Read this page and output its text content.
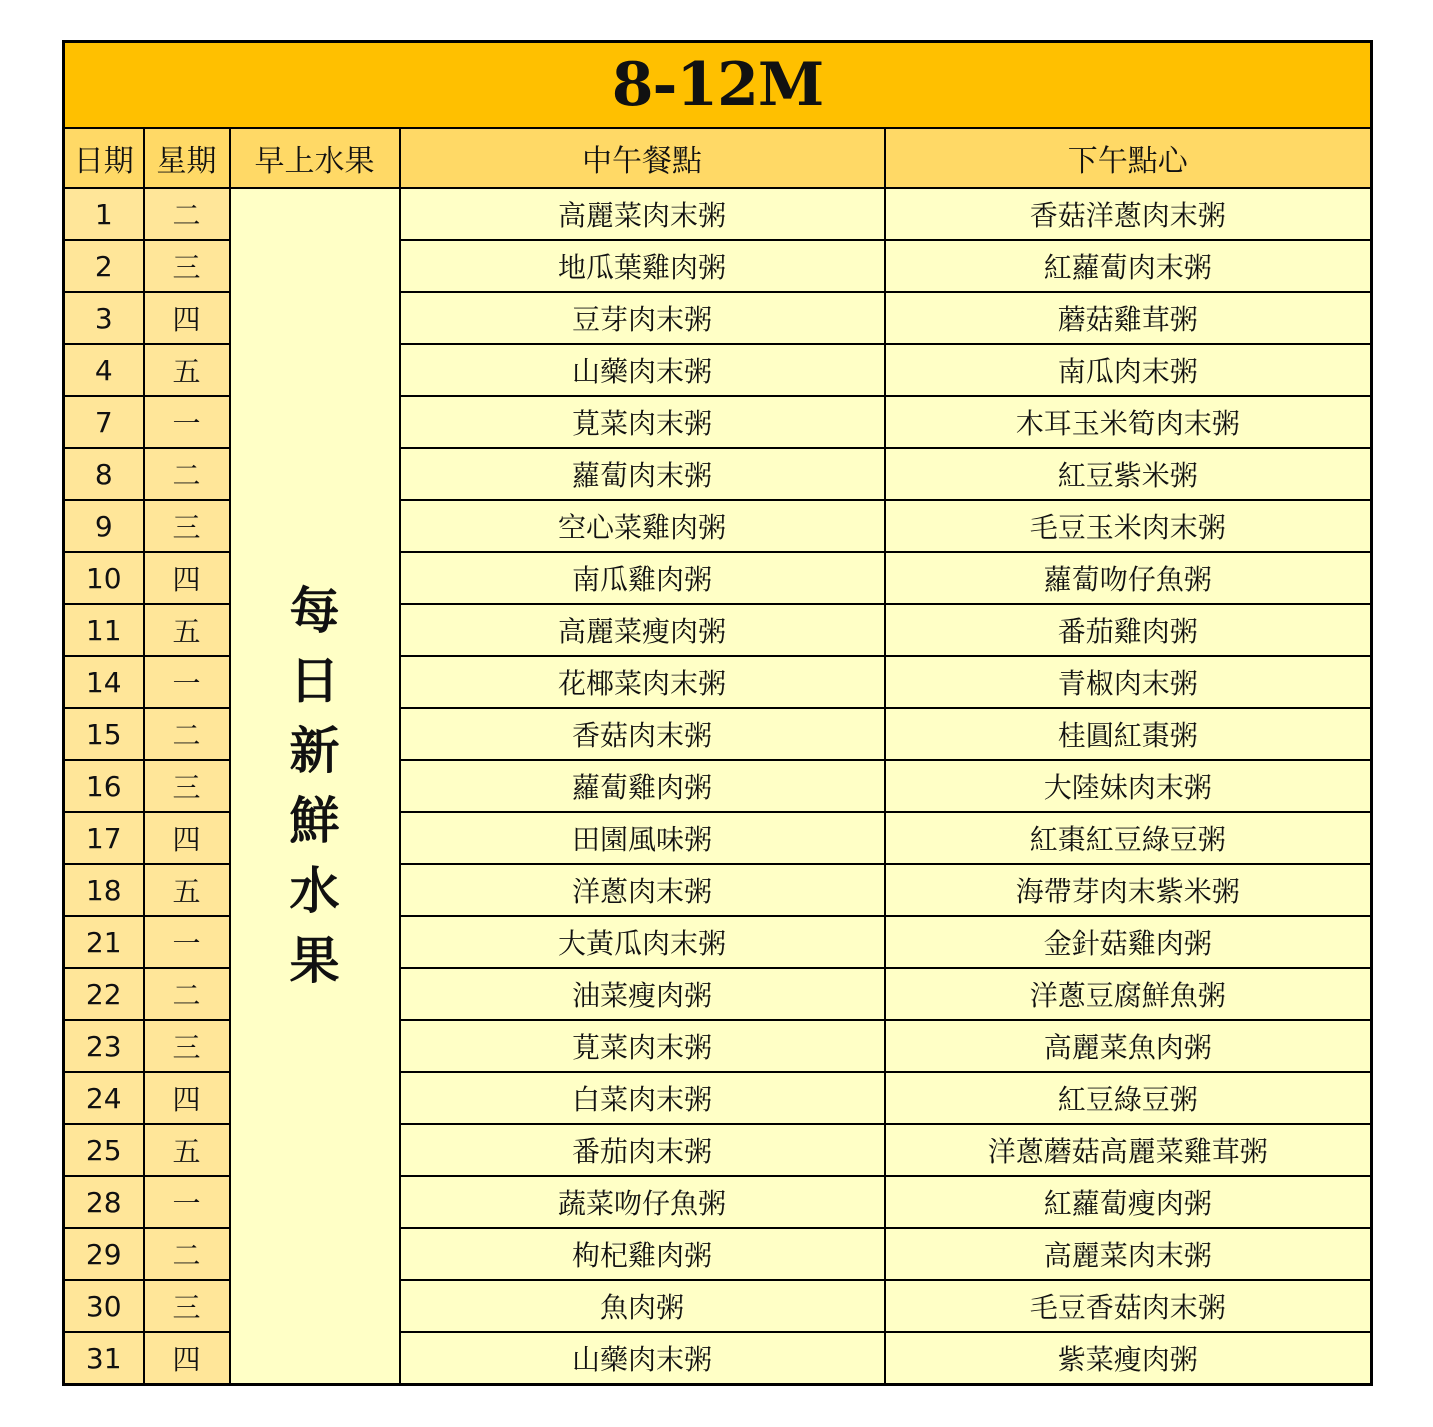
8-12M				
日期	星期	早上水果	中午餐點	下午點心
1	二	每日新鮮水果	高麗菜肉末粥	香菇洋蔥肉末粥
2	三		地瓜葉雞肉粥	紅蘿蔔肉末粥
3	四		豆芽肉末粥	蘑菇雞茸粥
4	五		山藥肉末粥	南瓜肉末粥
7	一		莧菜肉末粥	木耳玉米筍肉末粥
8	二		蘿蔔肉末粥	紅豆紫米粥
9	三		空心菜雞肉粥	毛豆玉米肉末粥
10	四		南瓜雞肉粥	蘿蔔吻仔魚粥
11	五		高麗菜瘦肉粥	番茄雞肉粥
14	一		花椰菜肉末粥	青椒肉末粥
15	二		香菇肉末粥	桂圓紅棗粥
16	三		蘿蔔雞肉粥	大陸妹肉末粥
17	四		田園風味粥	紅棗紅豆綠豆粥
18	五		洋蔥肉末粥	海帶芽肉末紫米粥
21	一		大黃瓜肉末粥	金針菇雞肉粥
22	二		油菜瘦肉粥	洋蔥豆腐鮮魚粥
23	三		莧菜肉末粥	高麗菜魚肉粥
24	四		白菜肉末粥	紅豆綠豆粥
25	五		番茄肉末粥	洋蔥蘑菇高麗菜雞茸粥
28	一		蔬菜吻仔魚粥	紅蘿蔔瘦肉粥
29	二		枸杞雞肉粥	高麗菜肉末粥
30	三		魚肉粥	毛豆香菇肉末粥
31	四		山藥肉末粥	紫菜瘦肉粥
